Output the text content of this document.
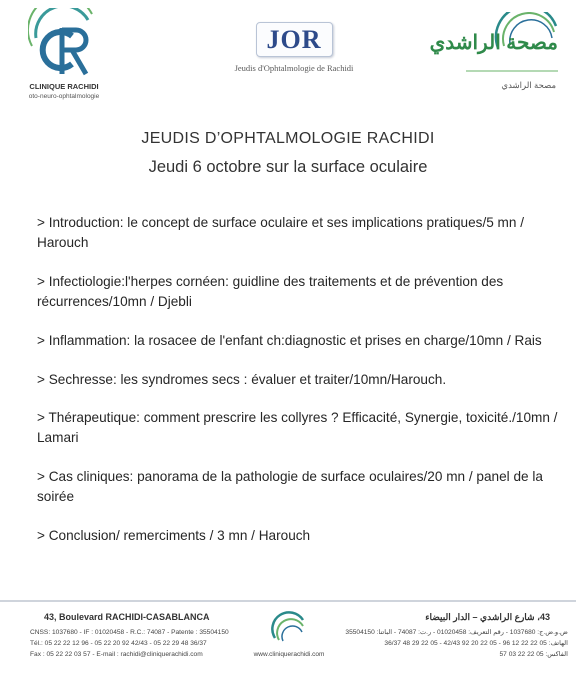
CLINIQUE RACHIDI
oto-neuro-ophtalmologie
JOR
Jeudis d'Ophtalmologie de Rachidi
مصحة الراشدي
مصحة الراشدي
JEUDIS D’OPHTALMOLOGIE RACHIDI
Jeudi 6 octobre sur la surface oculaire
> Introduction: le concept de surface oculaire et ses implications pratiques/5 mn / Harouch
> Infectiologie:l'herpes cornéen: guidline des traitements et de prévention des récurrences/10mn / Djebli
> Inflammation: la rosacee de l'enfant ch:diagnostic et prises en charge/10mn / Rais
> Sechresse: les syndromes secs : évaluer et traiter/10mn/Harouch.
> Thérapeutique: comment prescrire les collyres ? Efficacité, Synergie, toxicité./10mn / Lamari
> Cas cliniques: panorama de la pathologie de surface oculaires/20 mn / panel de la soirée
> Conclusion/ remerciments / 3 mn / Harouch
43, Boulevard RACHIDI-CASABLANCA
CNSS: 1037680 - IF : 01020458 - R.C.: 74087 - Patente : 35504150
Tél.: 05 22 22 12 96 - 05 22 20 92 42/43 - 05 22 29 48 36/37
Fax : 05 22 22 03 57 - E-mail : rachidi@cliniquerachidi.com	www.cliniquerachidi.com
43، شارع الراشدي – الدار البيضاء
ض.و.ض.ج: 1037680 - رقم التعريف: 01020458 - ر.ت: 74087 - الباتنا: 35504150
الهاتف: 05 22 22 12 96 - 05 22 20 92 42/43 - 05 22 29 48 36/37
الفاكس: 05 22 22 03 57
